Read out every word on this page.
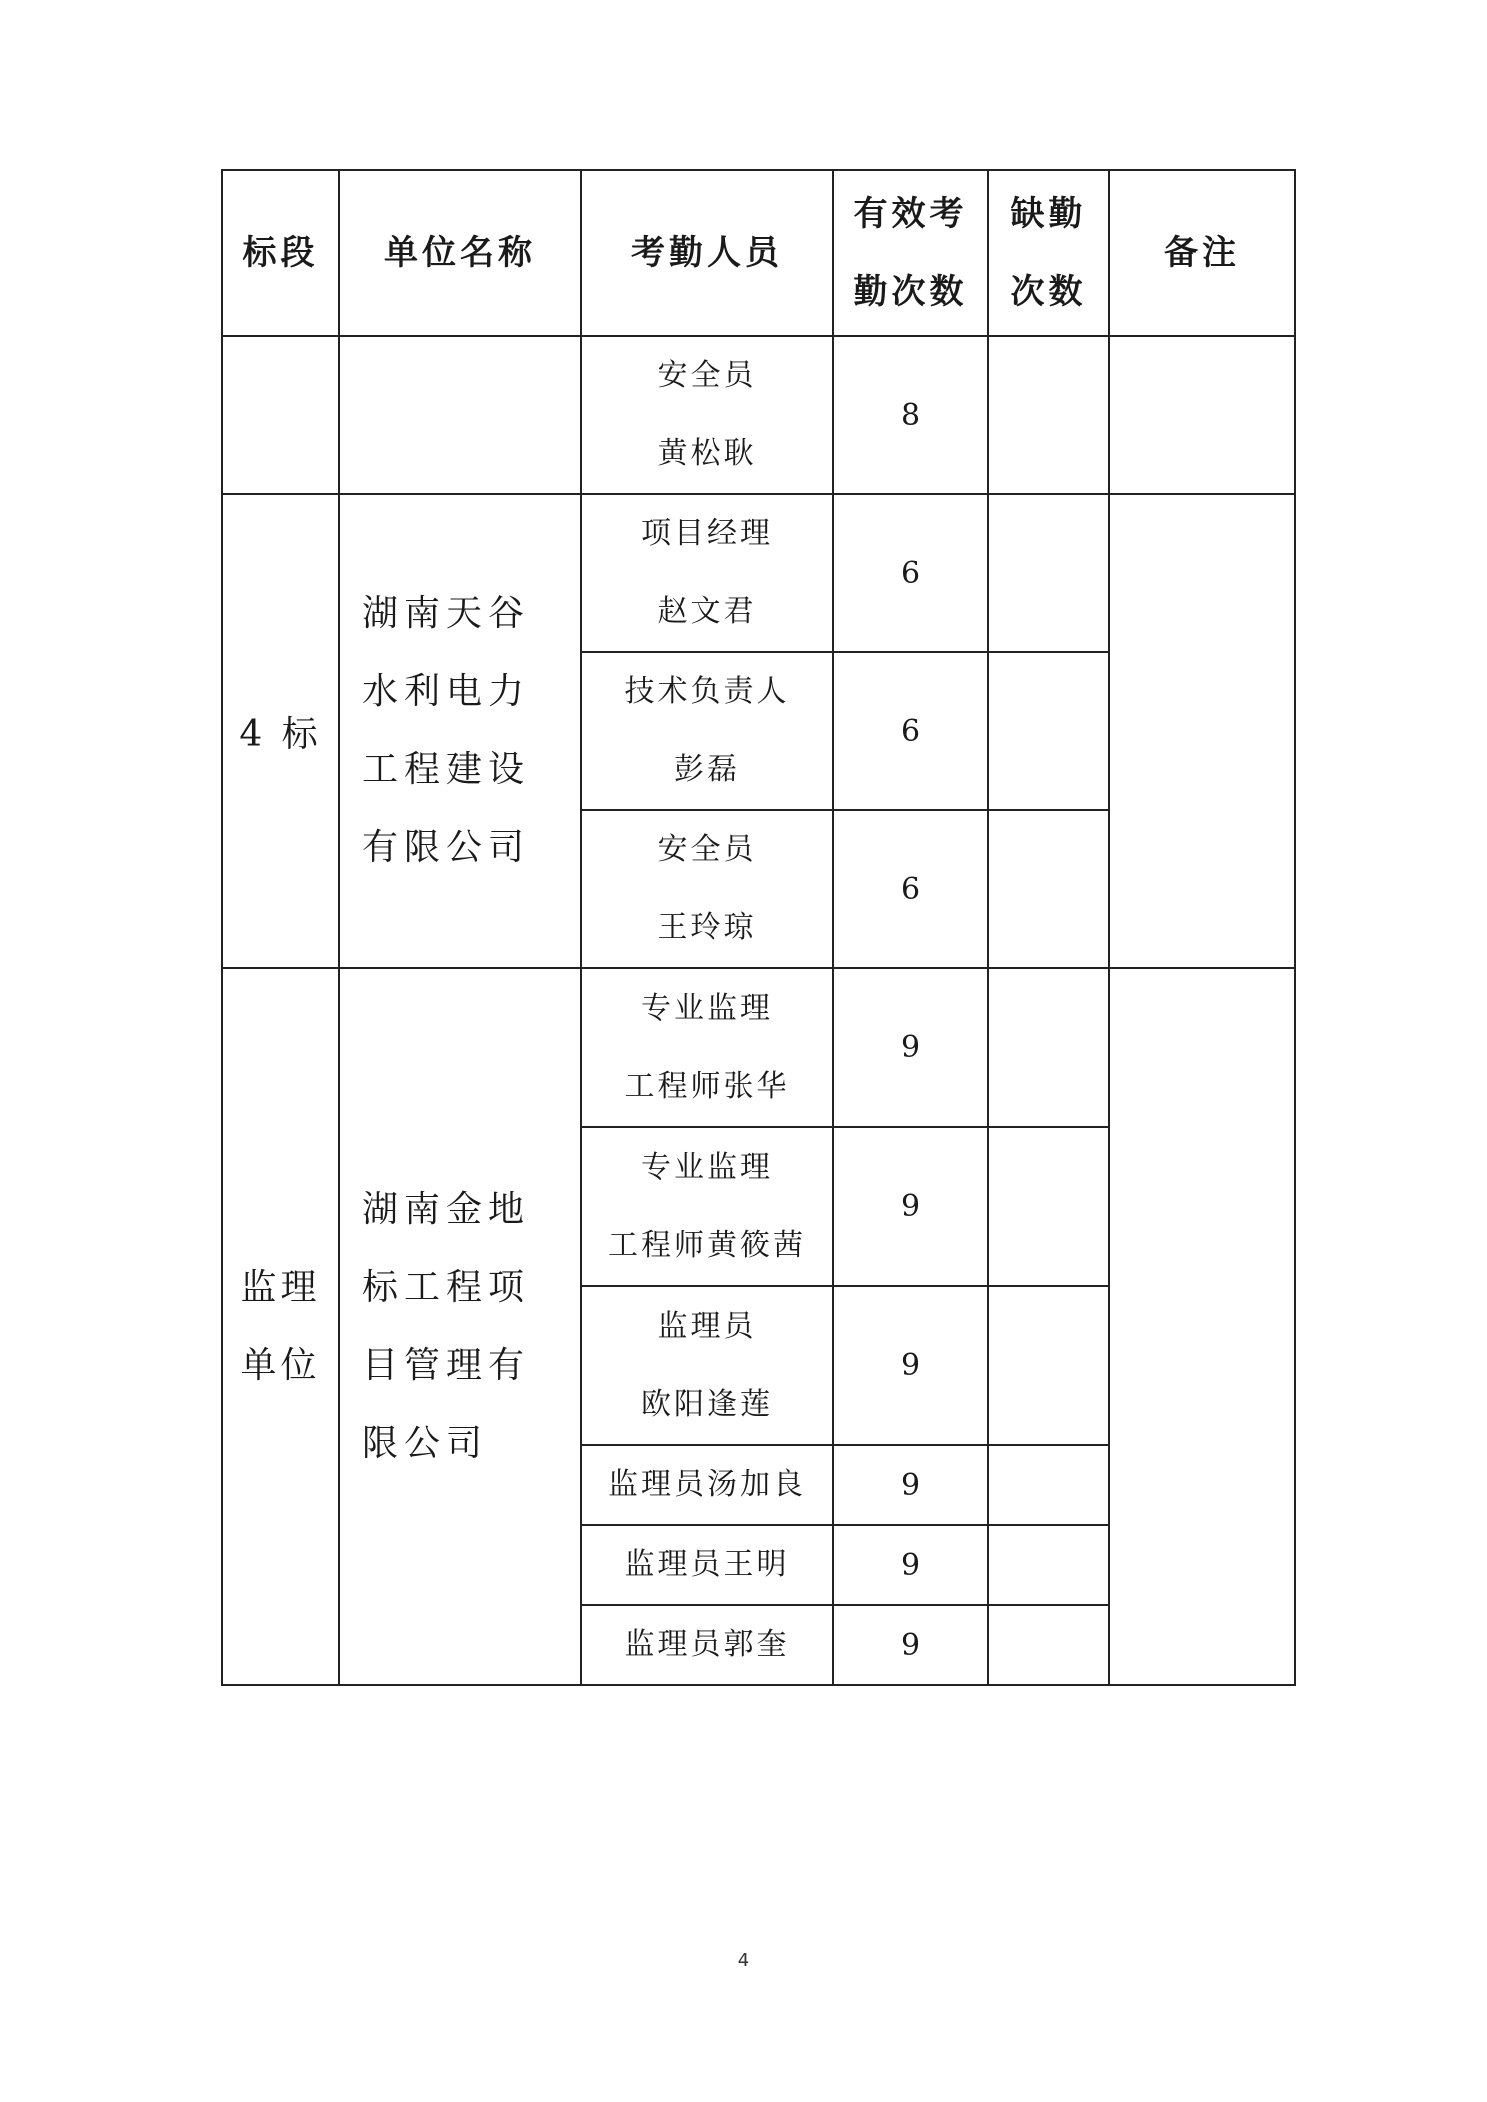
标段	单位名称	考勤人员	有效考勤次数	缺勤次数	备注

		安全员
黄松耿	8		
4 标	湖南天谷水利电力工程建设有限公司	项目经理
赵文君	6		

		技术负责人
彭磊	6		

		安全员
王玲琼	6		
监理单位	湖南金地标工程项目管理有限公司	专业监理
工程师张华	9		

		专业监理
工程师黄筱茜	9		

		监理员
欧阳逢莲	9		
		监理员汤加良	9		
		监理员王明	9		
		监理员郭奎	9		
4
